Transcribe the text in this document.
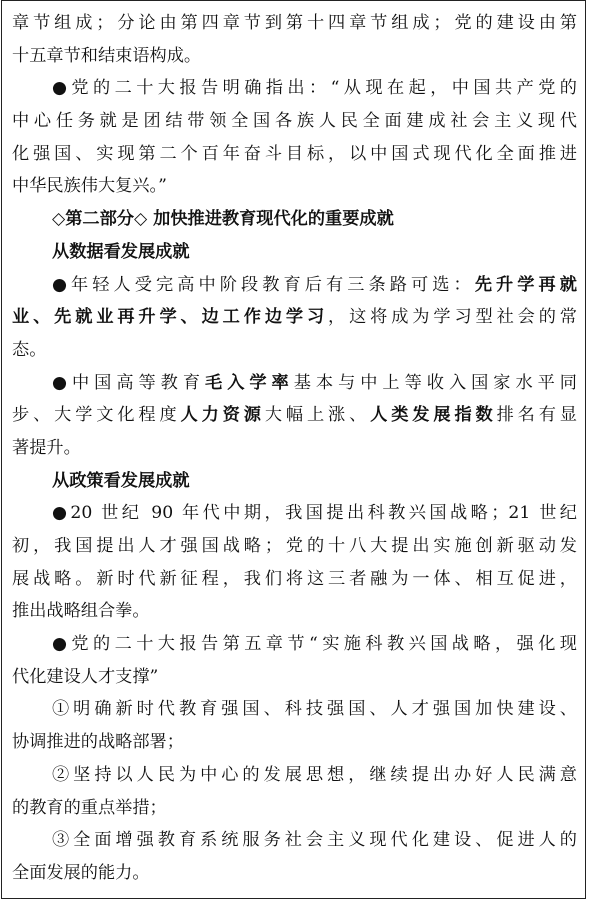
章节组成；分论由第四章节到第十四章节组成；党的建设由第
十五章节和结束语构成。
●党的二十大报告明确指出：“从现在起，中国共产党的
中心任务就是团结带领全国各族人民全面建成社会主义现代
化强国、实现第二个百年奋斗目标，以中国式现代化全面推进
中华民族伟大复兴。”
◇第二部分◇ 加快推进教育现代化的重要成就
从数据看发展成就
●年轻人受完高中阶段教育后有三条路可选：先升学再就
业、先就业再升学、边工作边学习，这将成为学习型社会的常
态。
●中国高等教育毛入学率基本与中上等收入国家水平同
步、大学文化程度人力资源大幅上涨、人类发展指数排名有显
著提升。
从政策看发展成就
●20 世纪 90 年代中期，我国提出科教兴国战略；21 世纪
初，我国提出人才强国战略；党的十八大提出实施创新驱动发
展战略。新时代新征程，我们将这三者融为一体、相互促进，
推出战略组合拳。
●党的二十大报告第五章节“实施科教兴国战略，强化现
代化建设人才支撑”
①明确新时代教育强国、科技强国、人才强国加快建设、
协调推进的战略部署；
②坚持以人民为中心的发展思想，继续提出办好人民满意
的教育的重点举措；
③全面增强教育系统服务社会主义现代化建设、促进人的
全面发展的能力。
